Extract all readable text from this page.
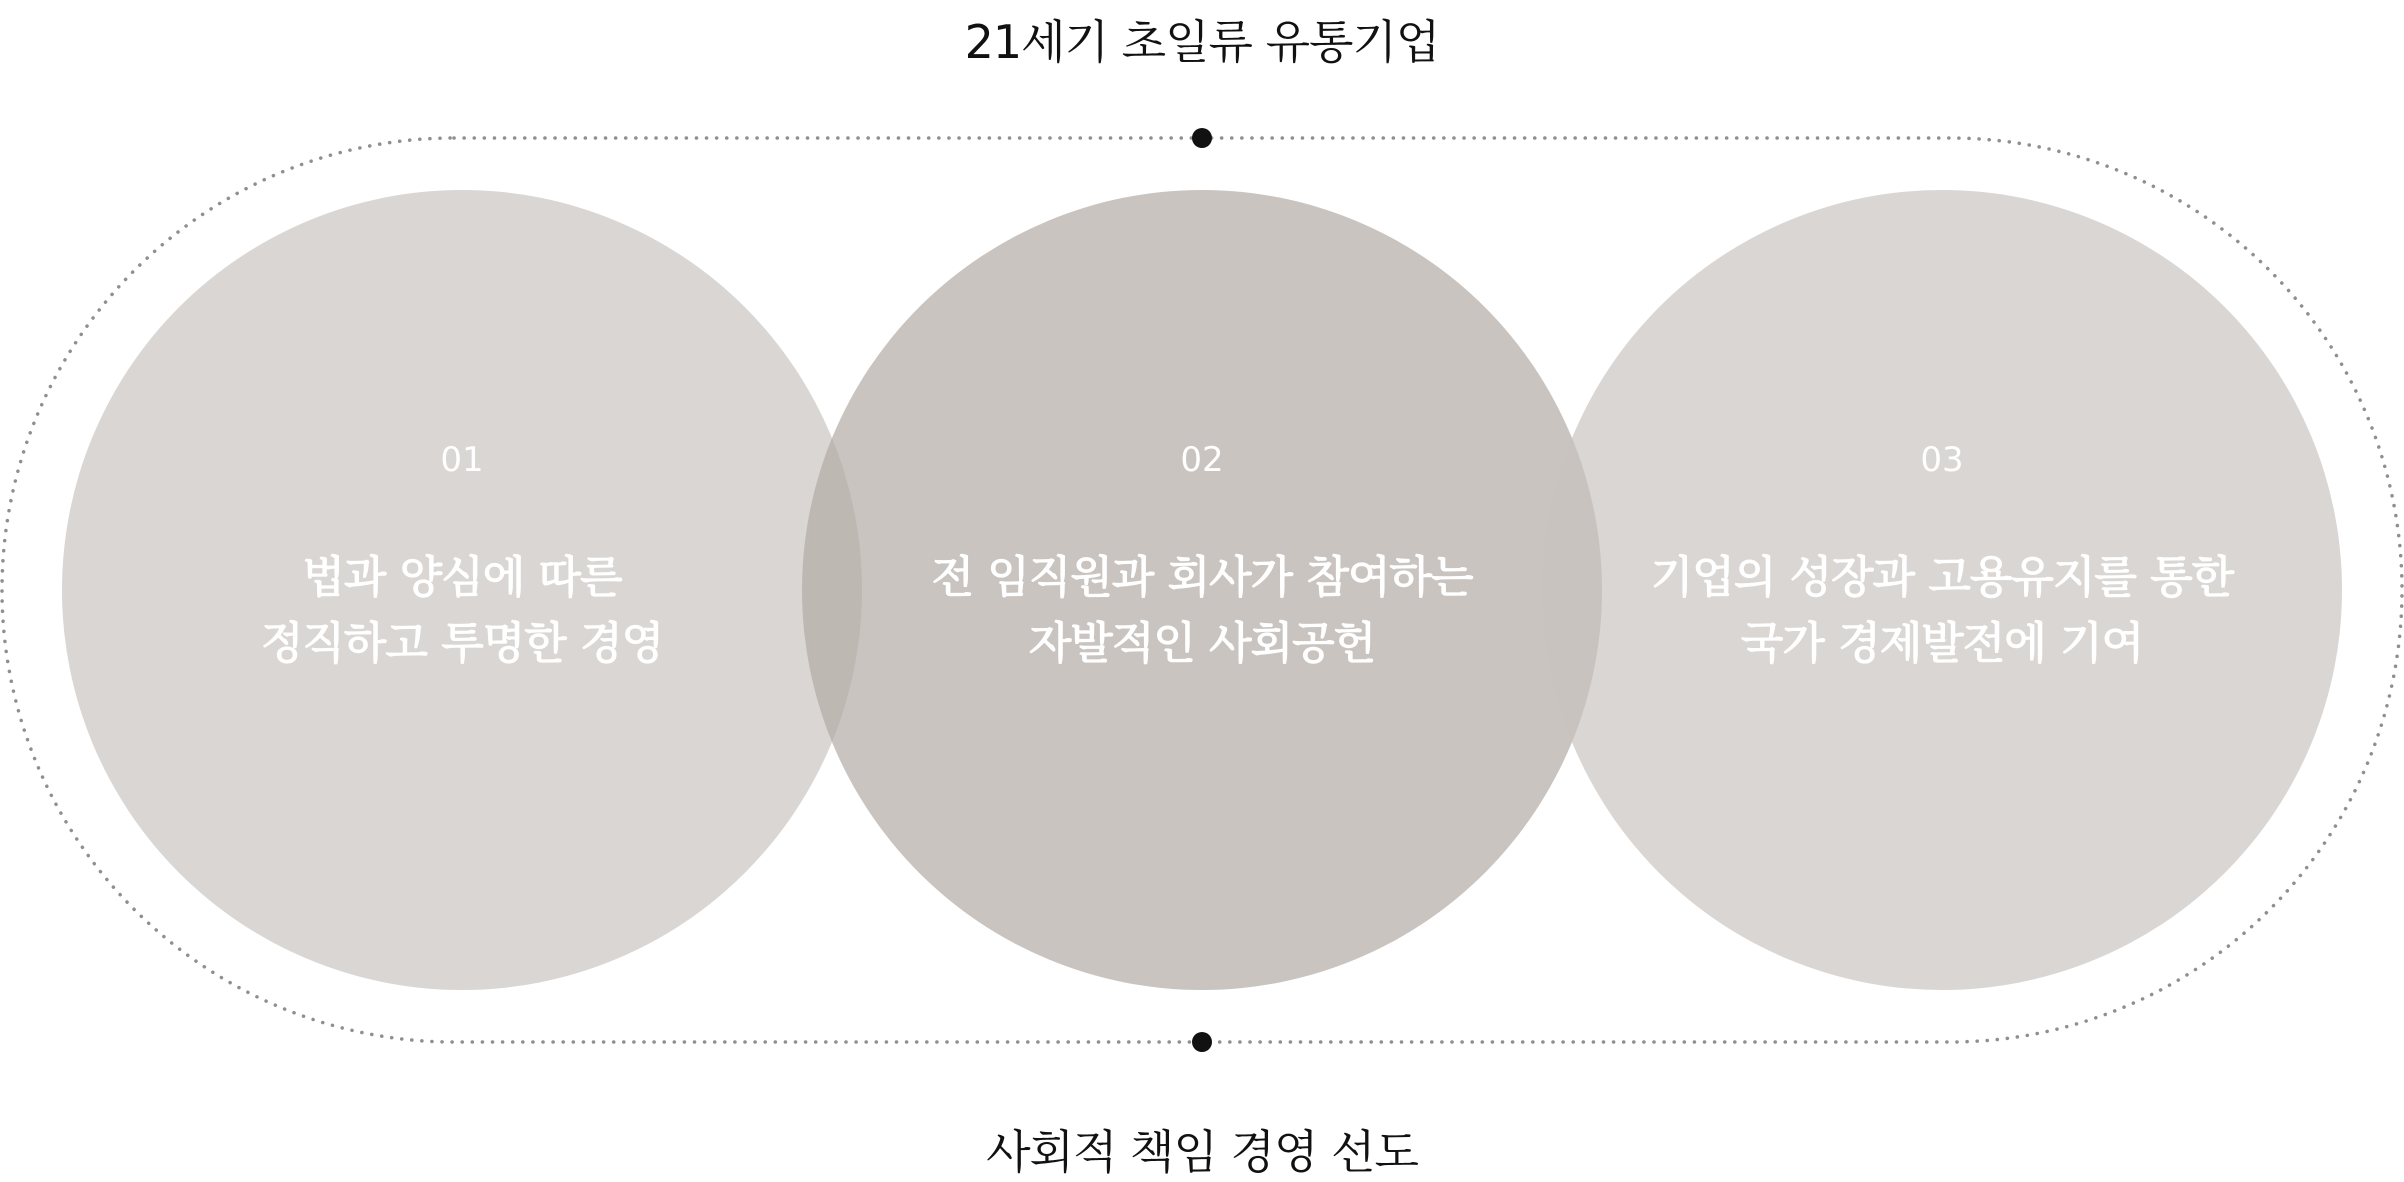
21세기 초일류 유통기업
01
법과 양심에 따른
정직하고 투명한 경영
02
전 임직원과 회사가 참여하는
자발적인 사회공헌
03
기업의 성장과 고용유지를 통한
국가 경제발전에 기여
사회적 책임 경영 선도
